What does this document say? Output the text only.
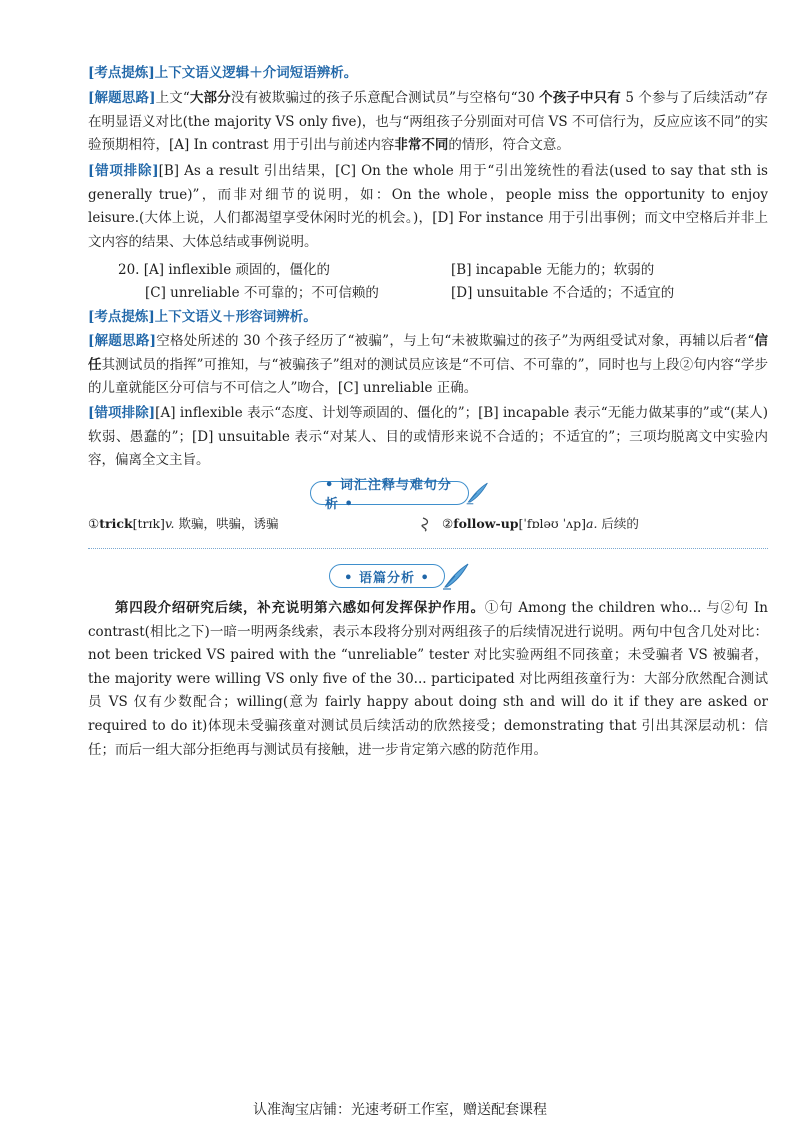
[考点提炼]上下文语义逻辑＋介词短语辨析。

[解题思路]上文“大部分没有被欺骗过的孩子乐意配合测试员”与空格句“30 个孩子中只有 5 个参与了后续活动”存在明显语义对比(the majority VS only five)，也与“两组孩子分别面对可信 VS 不可信行为，反应应该不同”的实验预期相符，[A] In contrast 用于引出与前述内容非常不同的情形，符合文意。

[错项排除][B] As a result 引出结果，[C] On the whole 用于“引出笼统性的看法(used to say that sth is generally true)”，而非对细节的说明，如：On the whole，people miss the opportunity to enjoy leisure.(大体上说，人们都渴望享受休闲时光的机会。)，[D] For instance 用于引出事例；而文中空格后并非上文内容的结果、大体总结或事例说明。

20. [A] inflexible 顽固的，僵化的	[B] incapable 无能力的；软弱的
[C] unreliable 不可靠的；不可信赖的	[D] unsuitable 不合适的；不适宜的

[考点提炼]上下文语义＋形容词辨析。

[解题思路]空格处所述的 30 个孩子经历了“被骗”，与上句“未被欺骗过的孩子”为两组受试对象，再辅以后者“信任其测试员的指挥”可推知，与“被骗孩子”组对的测试员应该是“不可信、不可靠的”，同时也与上段②句内容“学步的儿童就能区分可信与不可信之人”吻合，[C] unreliable 正确。

[错项排除][A] inflexible 表示“态度、计划等顽固的、僵化的”；[B] incapable 表示“无能力做某事的”或“(某人)软弱、愚蠢的”；[D] unsuitable 表示“对某人、目的或情形来说不合适的；不适宜的”；三项均脱离文中实验内容，偏离全文主旨。

• 词汇注释与难句分析 •
①trick[trɪk]v. 欺骗，哄骗，诱骗	②follow-up[ˈfɒləʊ ˈʌp]a. 后续的
• 语篇分析 •

第四段介绍研究后续，补充说明第六感如何发挥保护作用。①句 Among the children who... 与②句 In contrast(相比之下)一暗一明两条线索，表示本段将分别对两组孩子的后续情况进行说明。两句中包含几处对比：not been tricked VS paired with the “unreliable” tester 对比实验两组不同孩童；未受骗者 VS 被骗者，the majority were willing VS only five of the 30... participated 对比两组孩童行为：大部分欣然配合测试员 VS 仅有少数配合；willing(意为 fairly happy about doing sth and will do it if they are asked or required to do it)体现未受骗孩童对测试员后续活动的欣然接受；demonstrating that 引出其深层动机：信任；而后一组大部分拒绝再与测试员有接触，进一步肯定第六感的防范作用。

认准淘宝店铺：光速考研工作室，赠送配套课程
